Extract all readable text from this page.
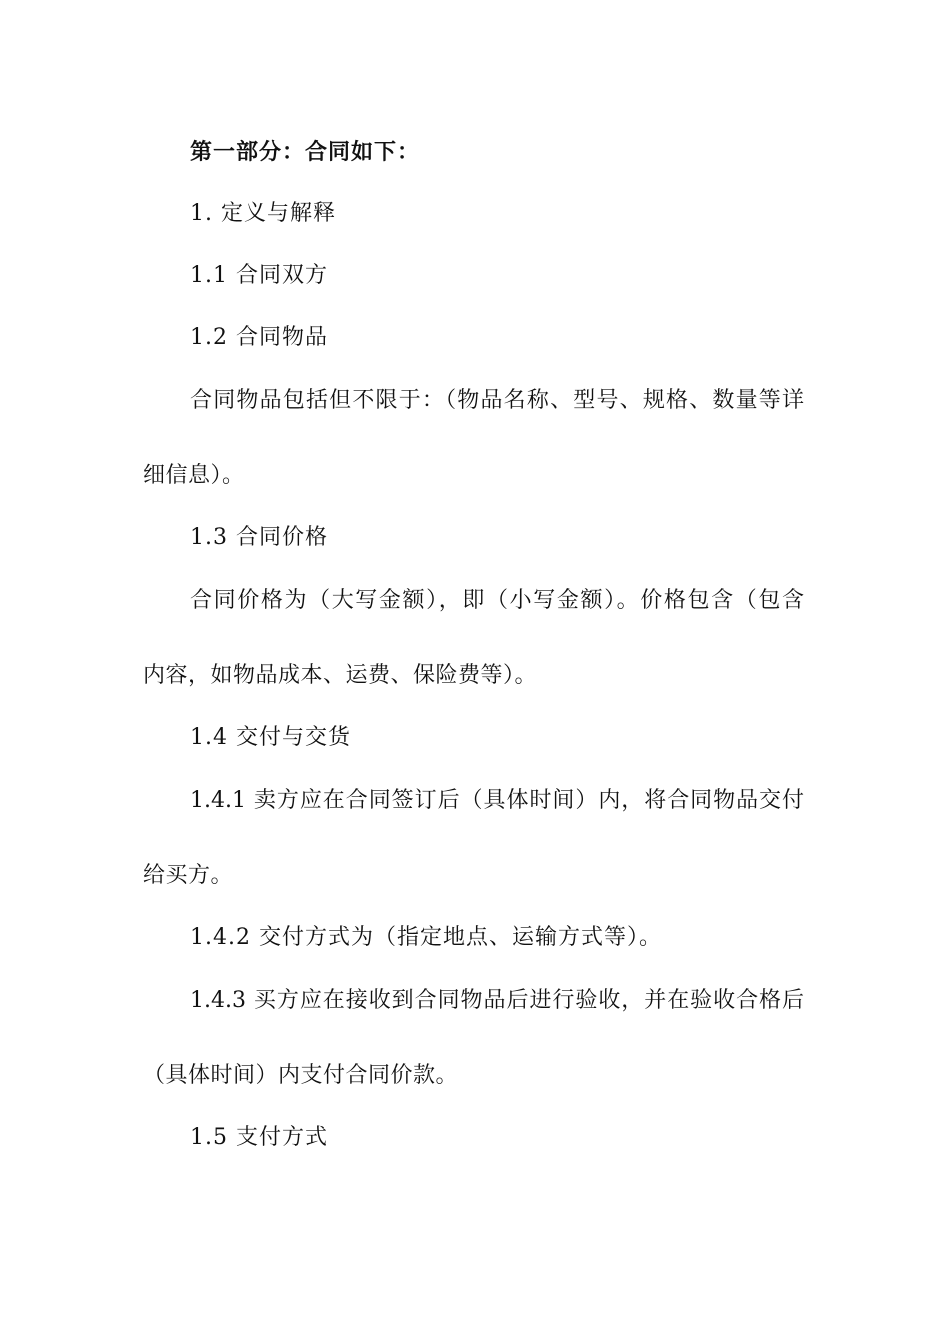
第一部分：合同如下：
1. 定义与解释
1.1 合同双方
1.2 合同物品
合同物品包括但不限于：（物品名称、型号、规格、数量等详
细信息）。
1.3 合同价格
合同价格为（大写金额），即（小写金额）。价格包含（包含
内容，如物品成本、运费、保险费等）。
1.4 交付与交货
1.4.1 卖方应在合同签订后（具体时间）内，将合同物品交付
给买方。
1.4.2 交付方式为（指定地点、运输方式等）。
1.4.3 买方应在接收到合同物品后进行验收，并在验收合格后
（具体时间）内支付合同价款。
1.5 支付方式
